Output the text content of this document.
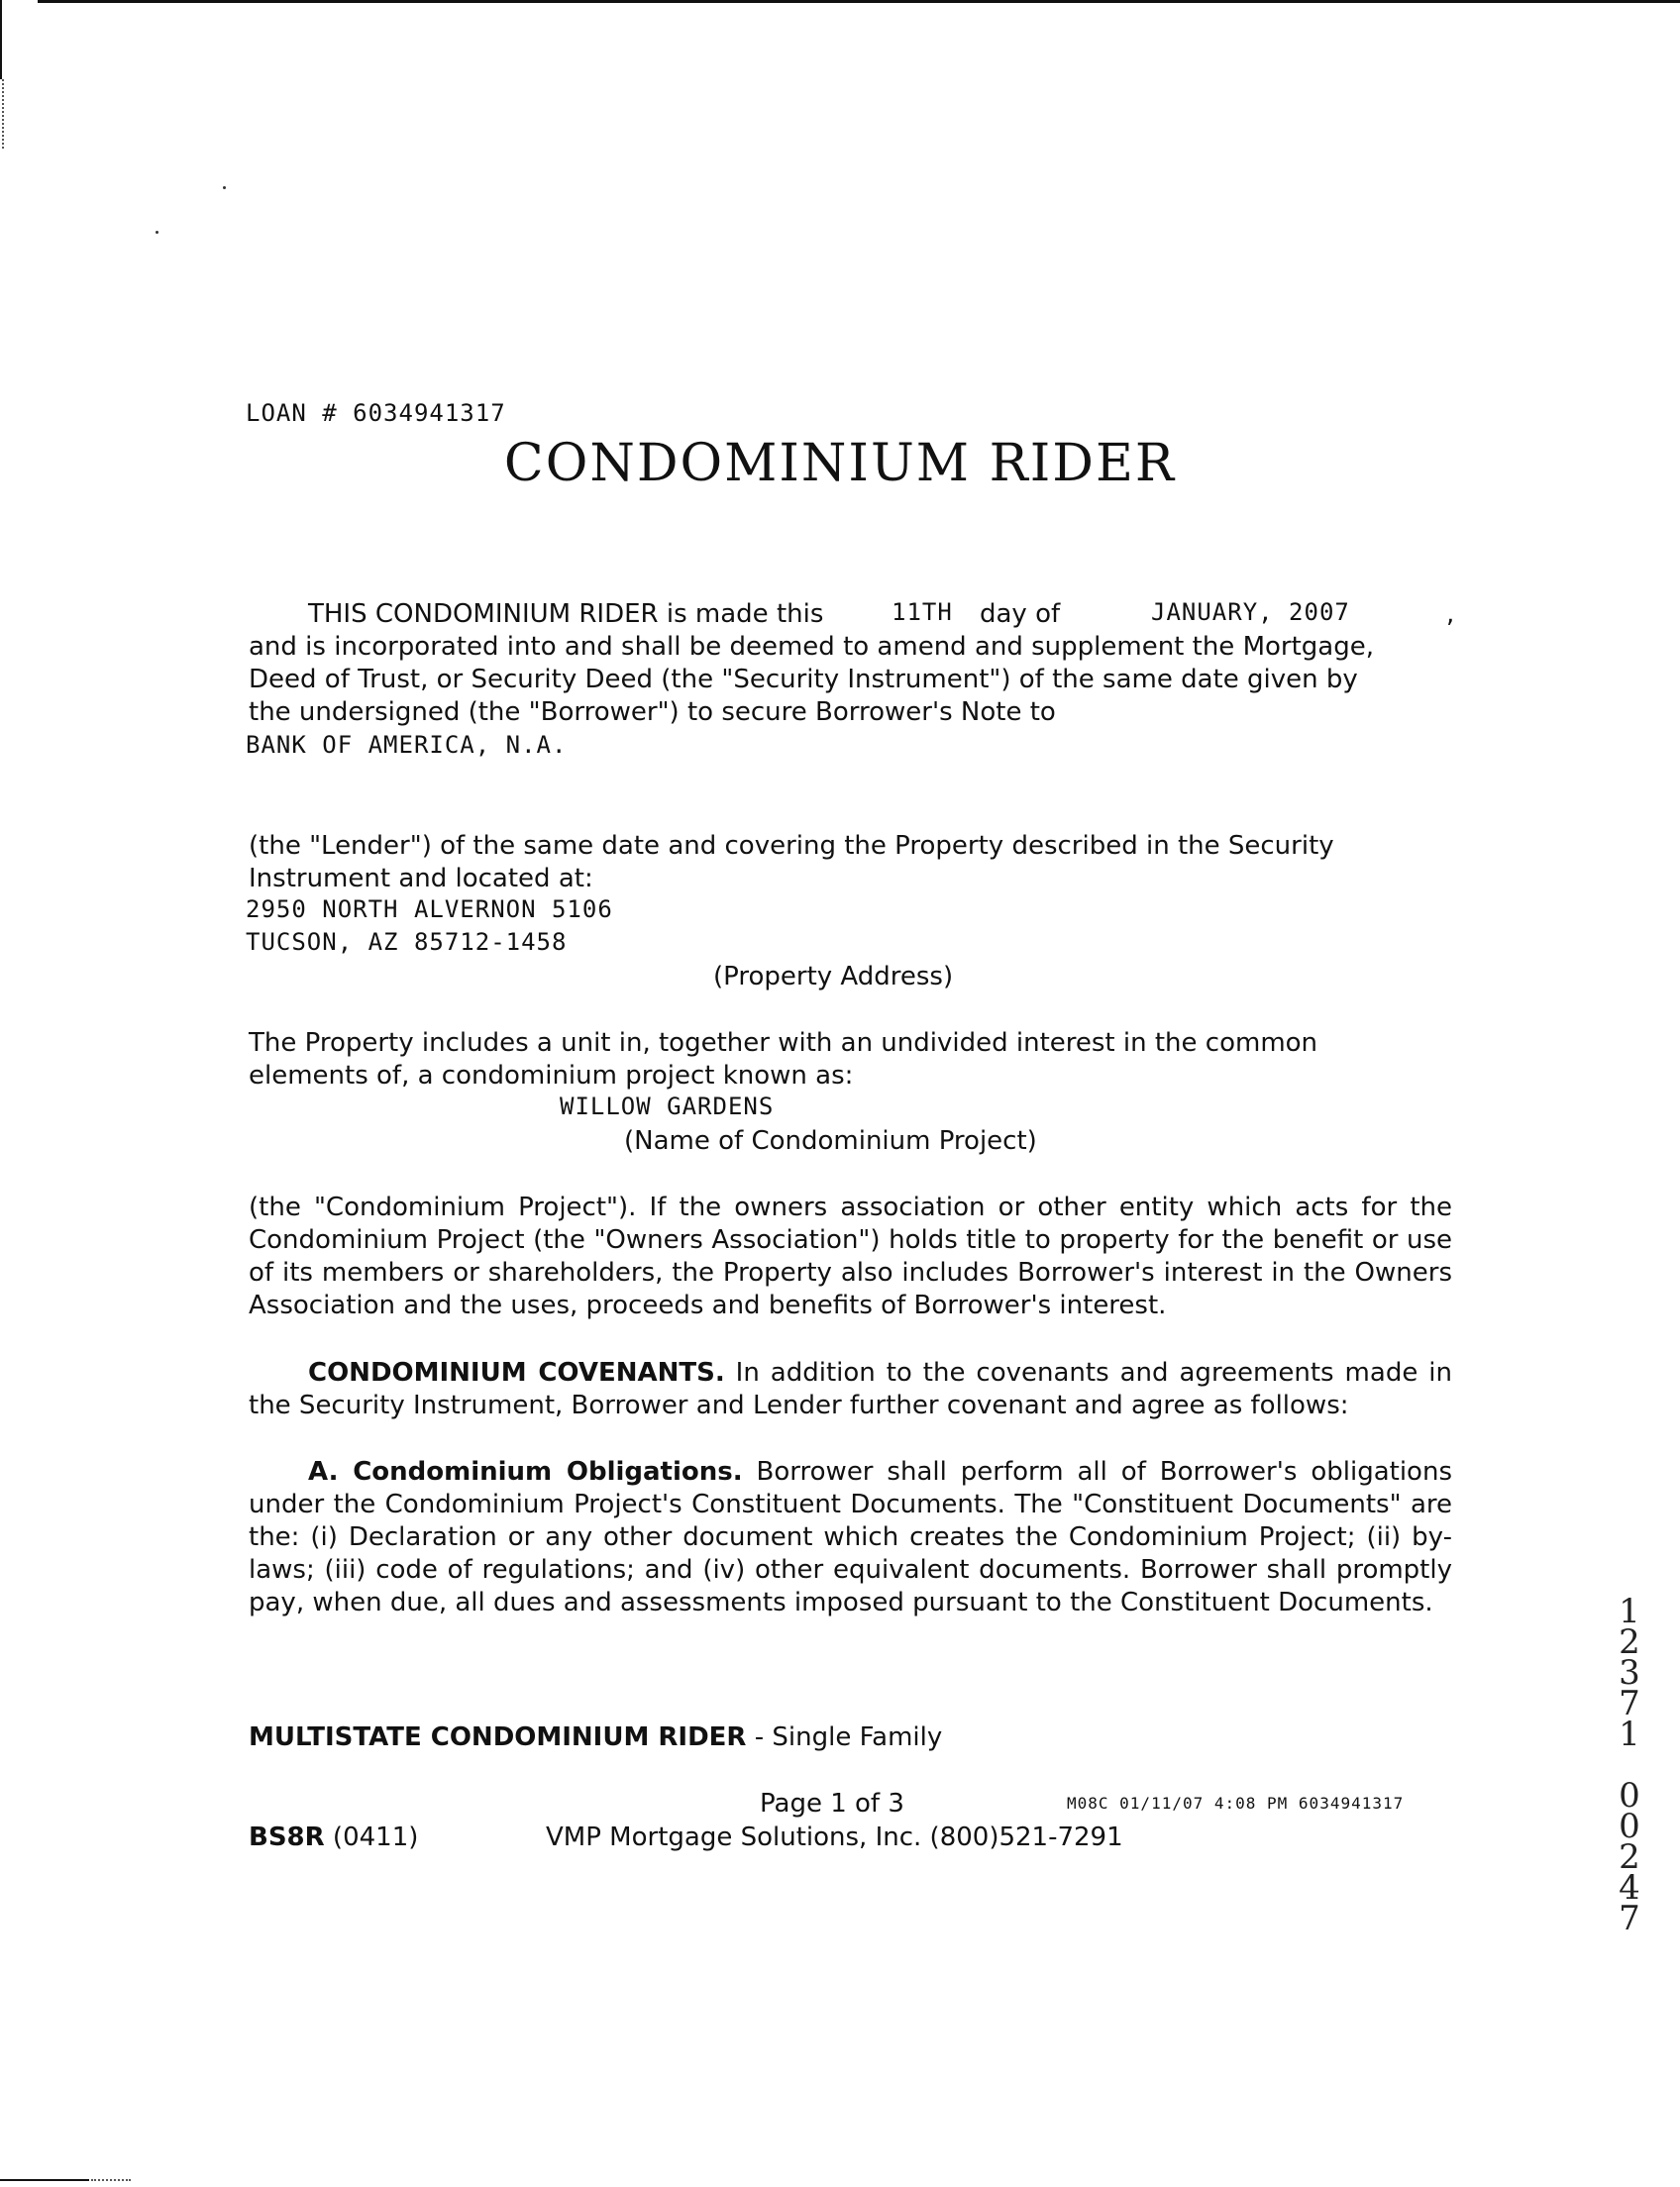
LOAN # 6034941317
CONDOMINIUM RIDER
THIS CONDOMINIUM RIDER is made this	11TH day of	JANUARY, 2007	,
and is incorporated into and shall be deemed to amend and supplement the Mortgage,
Deed of Trust, or Security Deed (the "Security Instrument") of the same date given by
the undersigned (the "Borrower") to secure Borrower's Note to
BANK OF AMERICA, N.A.
(the "Lender") of the same date and covering the Property described in the Security
Instrument and located at:
2950 NORTH ALVERNON 5106
TUCSON, AZ 85712-1458
(Property Address)
The Property includes a unit in, together with an undivided interest in the common
elements of, a condominium project known as:
WILLOW GARDENS
(Name of Condominium Project)
(the "Condominium Project"). If the owners association or other entity which acts for the Condominium Project (the "Owners Association") holds title to property for the benefit or use of its members or shareholders, the Property also includes Borrower's interest in the Owners Association and the uses, proceeds and benefits of Borrower's interest.
CONDOMINIUM COVENANTS. In addition to the covenants and agreements made in the Security Instrument, Borrower and Lender further covenant and agree as follows:
A. Condominium Obligations. Borrower shall perform all of Borrower's obligations under the Condominium Project's Constituent Documents. The "Constituent Documents" are the: (i) Declaration or any other document which creates the Condominium Project; (ii) by-laws; (iii) code of regulations; and (iv) other equivalent documents. Borrower shall promptly pay, when due, all dues and assessments imposed pursuant to the Constituent Documents.
MULTISTATE CONDOMINIUM RIDER - Single Family
Page 1 of 3	M08C 01/11/07 4:08 PM 6034941317
BS8R (0411)	VMP Mortgage Solutions, Inc. (800)521-7291
1
2
3
7
1

0
0
2
4
7
